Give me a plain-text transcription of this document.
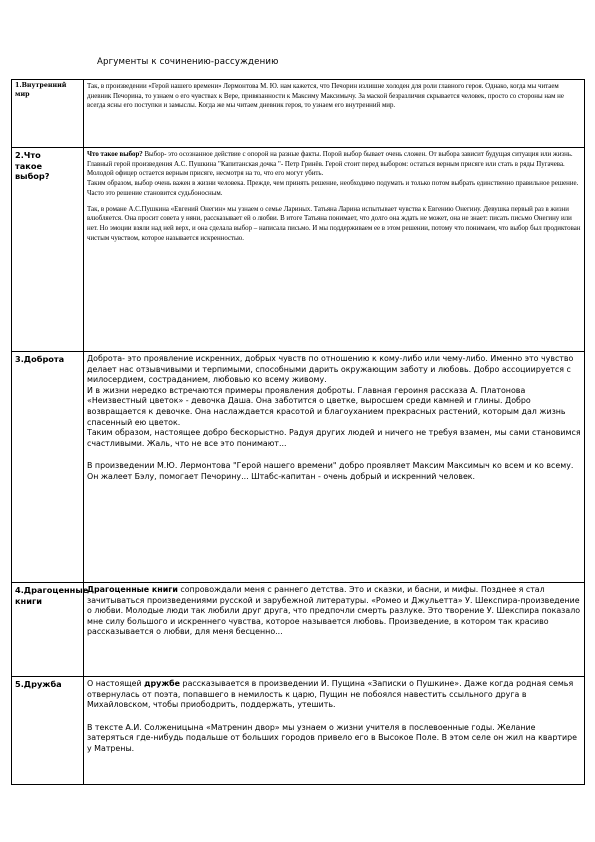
Аргументы к сочинению-рассуждению
1.Внутренний мир	Так, в произведении «Герой нашего времени» Лермонтова М. Ю. нам кажется, что Печорин излишне холоден для роли главного героя. Однако, когда мы читаем дневник Печорина, то узнаем о его чувствах к Вере, привязанности к Максиму Максимычу. За маской безразличия скрывается человек, просто со стороны нам не всегда ясны его поступки и замыслы. Когда же мы читаем дневник героя, то узнаем его внутренний мир.

2.Что такое выбор?	Что такое выбор? Выбор- это осознанное действие с опорой на разные факты. Порой выбор бывает очень сложен. От выбора зависит будущая ситуация или жизнь.

Главный герой произведения А.С. Пушкина "Капитанская дочка "- Петр Гринёв. Герой стоит перед выбором: остаться верным присяге или стать в ряды Пугачева. Молодой офицер остается верным присяге, несмотря на то, что его могут убить.

Таким образом, выбор очень важен в жизни человека. Прежде, чем принять решение, необходимо подумать и только потом выбрать единственно правильное решение. Часто это решение становится судьбоносным.

Так, в романе А.С.Пушкина «Евгений Онегин» мы узнаем о семье Лариных. Татьяна Ларина испытывает чувства к Евгению Онегину. Девушка первый раз в жизни влюбляется. Она просит совета у няни, рассказывает ей о любви. В итоге Татьяна понимает, что долго она ждать не может, она не знает: писать письмо Онегину или нет. Но эмоции взяли над ней верх, и она сделала выбор – написала письмо. И мы поддерживаем ее в этом решении, потому что понимаем, что выбор был продиктован чистым чувством, которое называется искренностью.

3.Доброта	Доброта- это проявление искренних, добрых чувств по отношению к кому-либо или чему-либо. Именно это чувство делает нас отзывчивыми и терпимыми, способными дарить окружающим заботу и любовь. Добро ассоциируется с милосердием, состраданием, любовью ко всему живому.

И в жизни нередко встречаются примеры проявления доброты. Главная героиня рассказа А. Платонова «Неизвестный цветок» - девочка Даша. Она заботится о цветке, выросшем среди камней и глины. Добро возвращается к девочке. Она наслаждается красотой и благоуханием прекрасных растений, которым дал жизнь спасенный ею цветок.

Таким образом, настоящее добро бескорыстно. Радуя других людей и ничего не требуя взамен, мы сами становимся счастливыми. Жаль, что не все это понимают...

В произведении М.Ю. Лермонтова "Герой нашего времени" добро проявляет Максим Максимыч ко всем и ко всему. Он жалеет Бэлу, помогает Печорину... Штабс-капитан - очень добрый и искренний человек.

4.Драгоценные книги	Драгоценные книги сопровождали меня с раннего детства. Это и сказки, и басни, и мифы. Позднее я стал зачитываться произведениями русской и зарубежной литературы. «Ромео и Джульетта» У. Шекспира-произведение о любви. Молодые люди так любили друг друга, что предпочли смерть разлуке. Это творение У. Шекспира показало мне силу большого и искреннего чувства, которое называется любовь. Произведение, в котором так красиво рассказывается о любви, для меня бесценно...

5.Дружба	О настоящей дружбе рассказывается в произведении И. Пущина «Записки о Пушкине». Даже когда родная семья отвернулась от поэта, попавшего в немилость к царю, Пущин не побоялся навестить ссыльного друга в Михайловском, чтобы приободрить, поддержать, утешить.

В тексте А.И. Солженицына «Матренин двор» мы узнаем о жизни учителя в послевоенные годы. Желание затеряться где-нибудь подальше от больших городов привело его в Высокое Поле. В этом селе он жил на квартире у Матрены.
